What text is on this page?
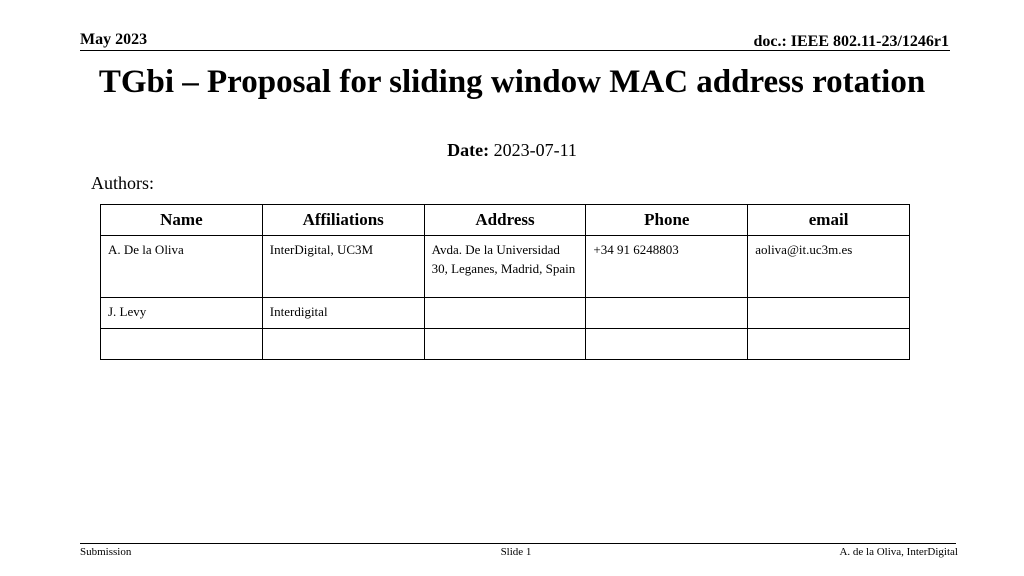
May 2023	doc.: IEEE 802.11-23/1246r1
TGbi – Proposal for sliding window MAC address rotation
Date: 2023-07-11
Authors:
Name	Affiliations	Address	Phone	email
A. De la Oliva	InterDigital, UC3M	Avda. De la Universidad 30, Leganes, Madrid, Spain	+34 91 6248803	aoliva@it.uc3m.es
J. Levy	Interdigital			

Submission	Slide 1	A. de la Oliva, InterDigital
